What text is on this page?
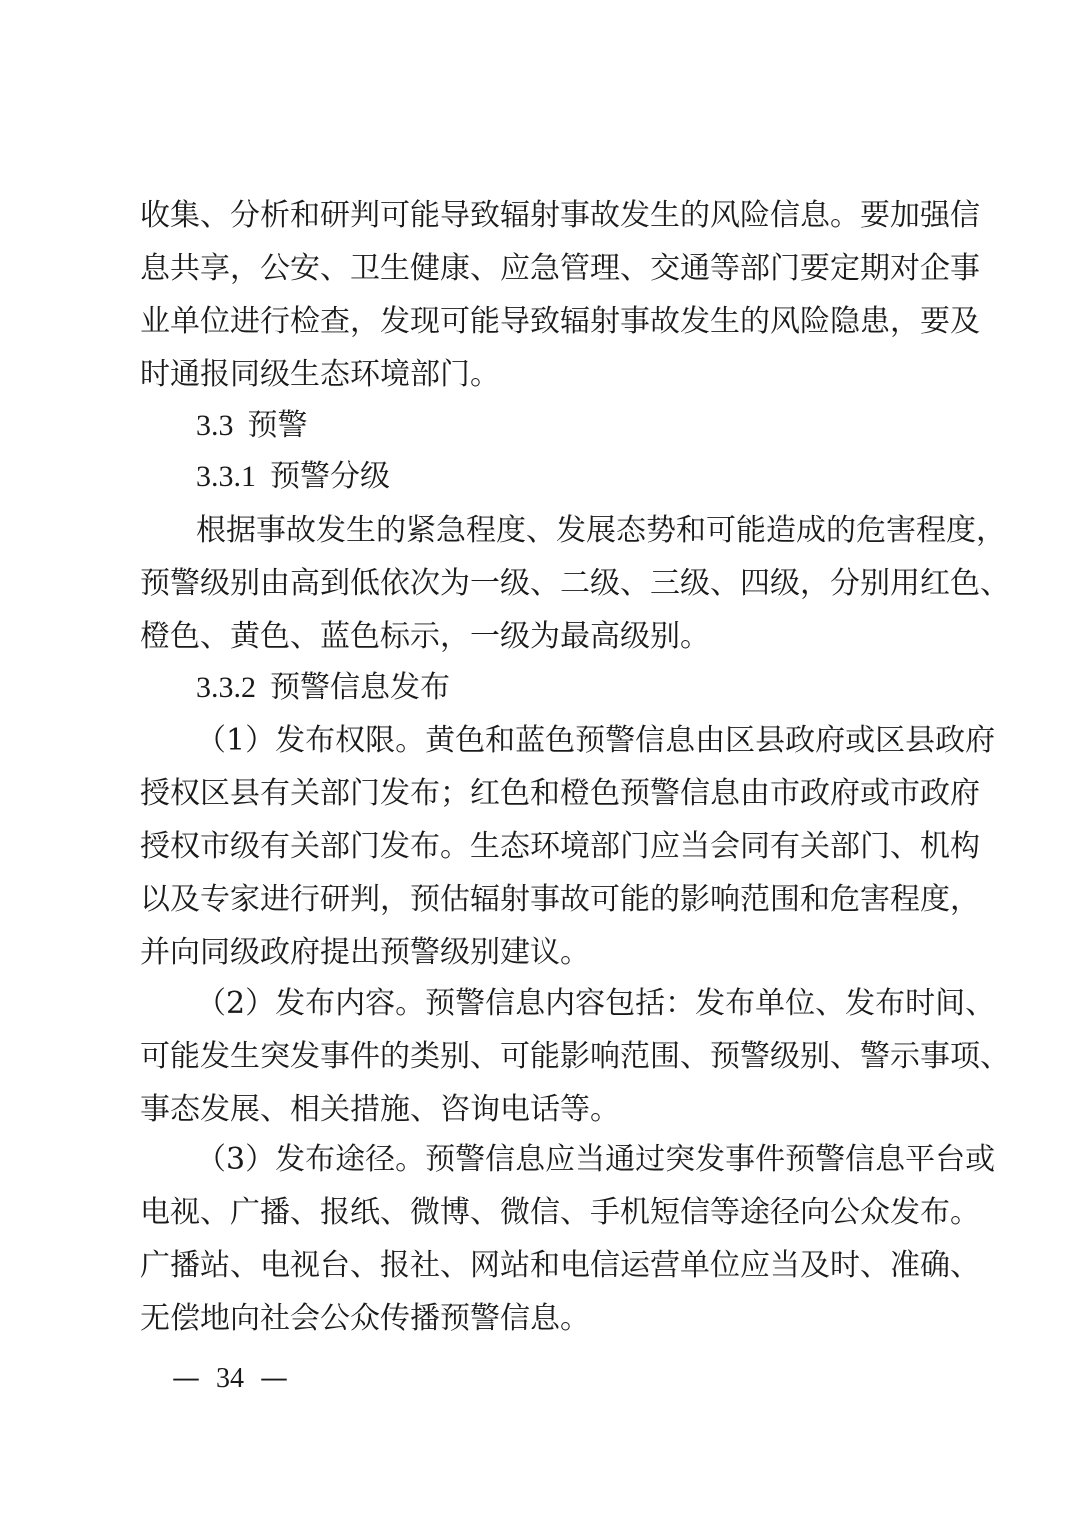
收集、分析和研判可能导致辐射事故发生的风险信息。要加强信
息共享，公安、卫生健康、应急管理、交通等部门要定期对企事
业单位进行检查，发现可能导致辐射事故发生的风险隐患，要及
时通报同级生态环境部门。
3.3 预警
3.3.1 预警分级
根据事故发生的紧急程度、发展态势和可能造成的危害程度，
预警级别由高到低依次为一级、二级、三级、四级，分别用红色、
橙色、黄色、蓝色标示，一级为最高级别。
3.3.2 预警信息发布
（1）发布权限。黄色和蓝色预警信息由区县政府或区县政府
授权区县有关部门发布；红色和橙色预警信息由市政府或市政府
授权市级有关部门发布。生态环境部门应当会同有关部门、机构
以及专家进行研判，预估辐射事故可能的影响范围和危害程度，
并向同级政府提出预警级别建议。
（2）发布内容。预警信息内容包括：发布单位、发布时间、
可能发生突发事件的类别、可能影响范围、预警级别、警示事项、
事态发展、相关措施、咨询电话等。
（3）发布途径。预警信息应当通过突发事件预警信息平台或
电视、广播、报纸、微博、微信、手机短信等途径向公众发布。
广播站、电视台、报社、网站和电信运营单位应当及时、准确、
无偿地向社会公众传播预警信息。
— 34 —
